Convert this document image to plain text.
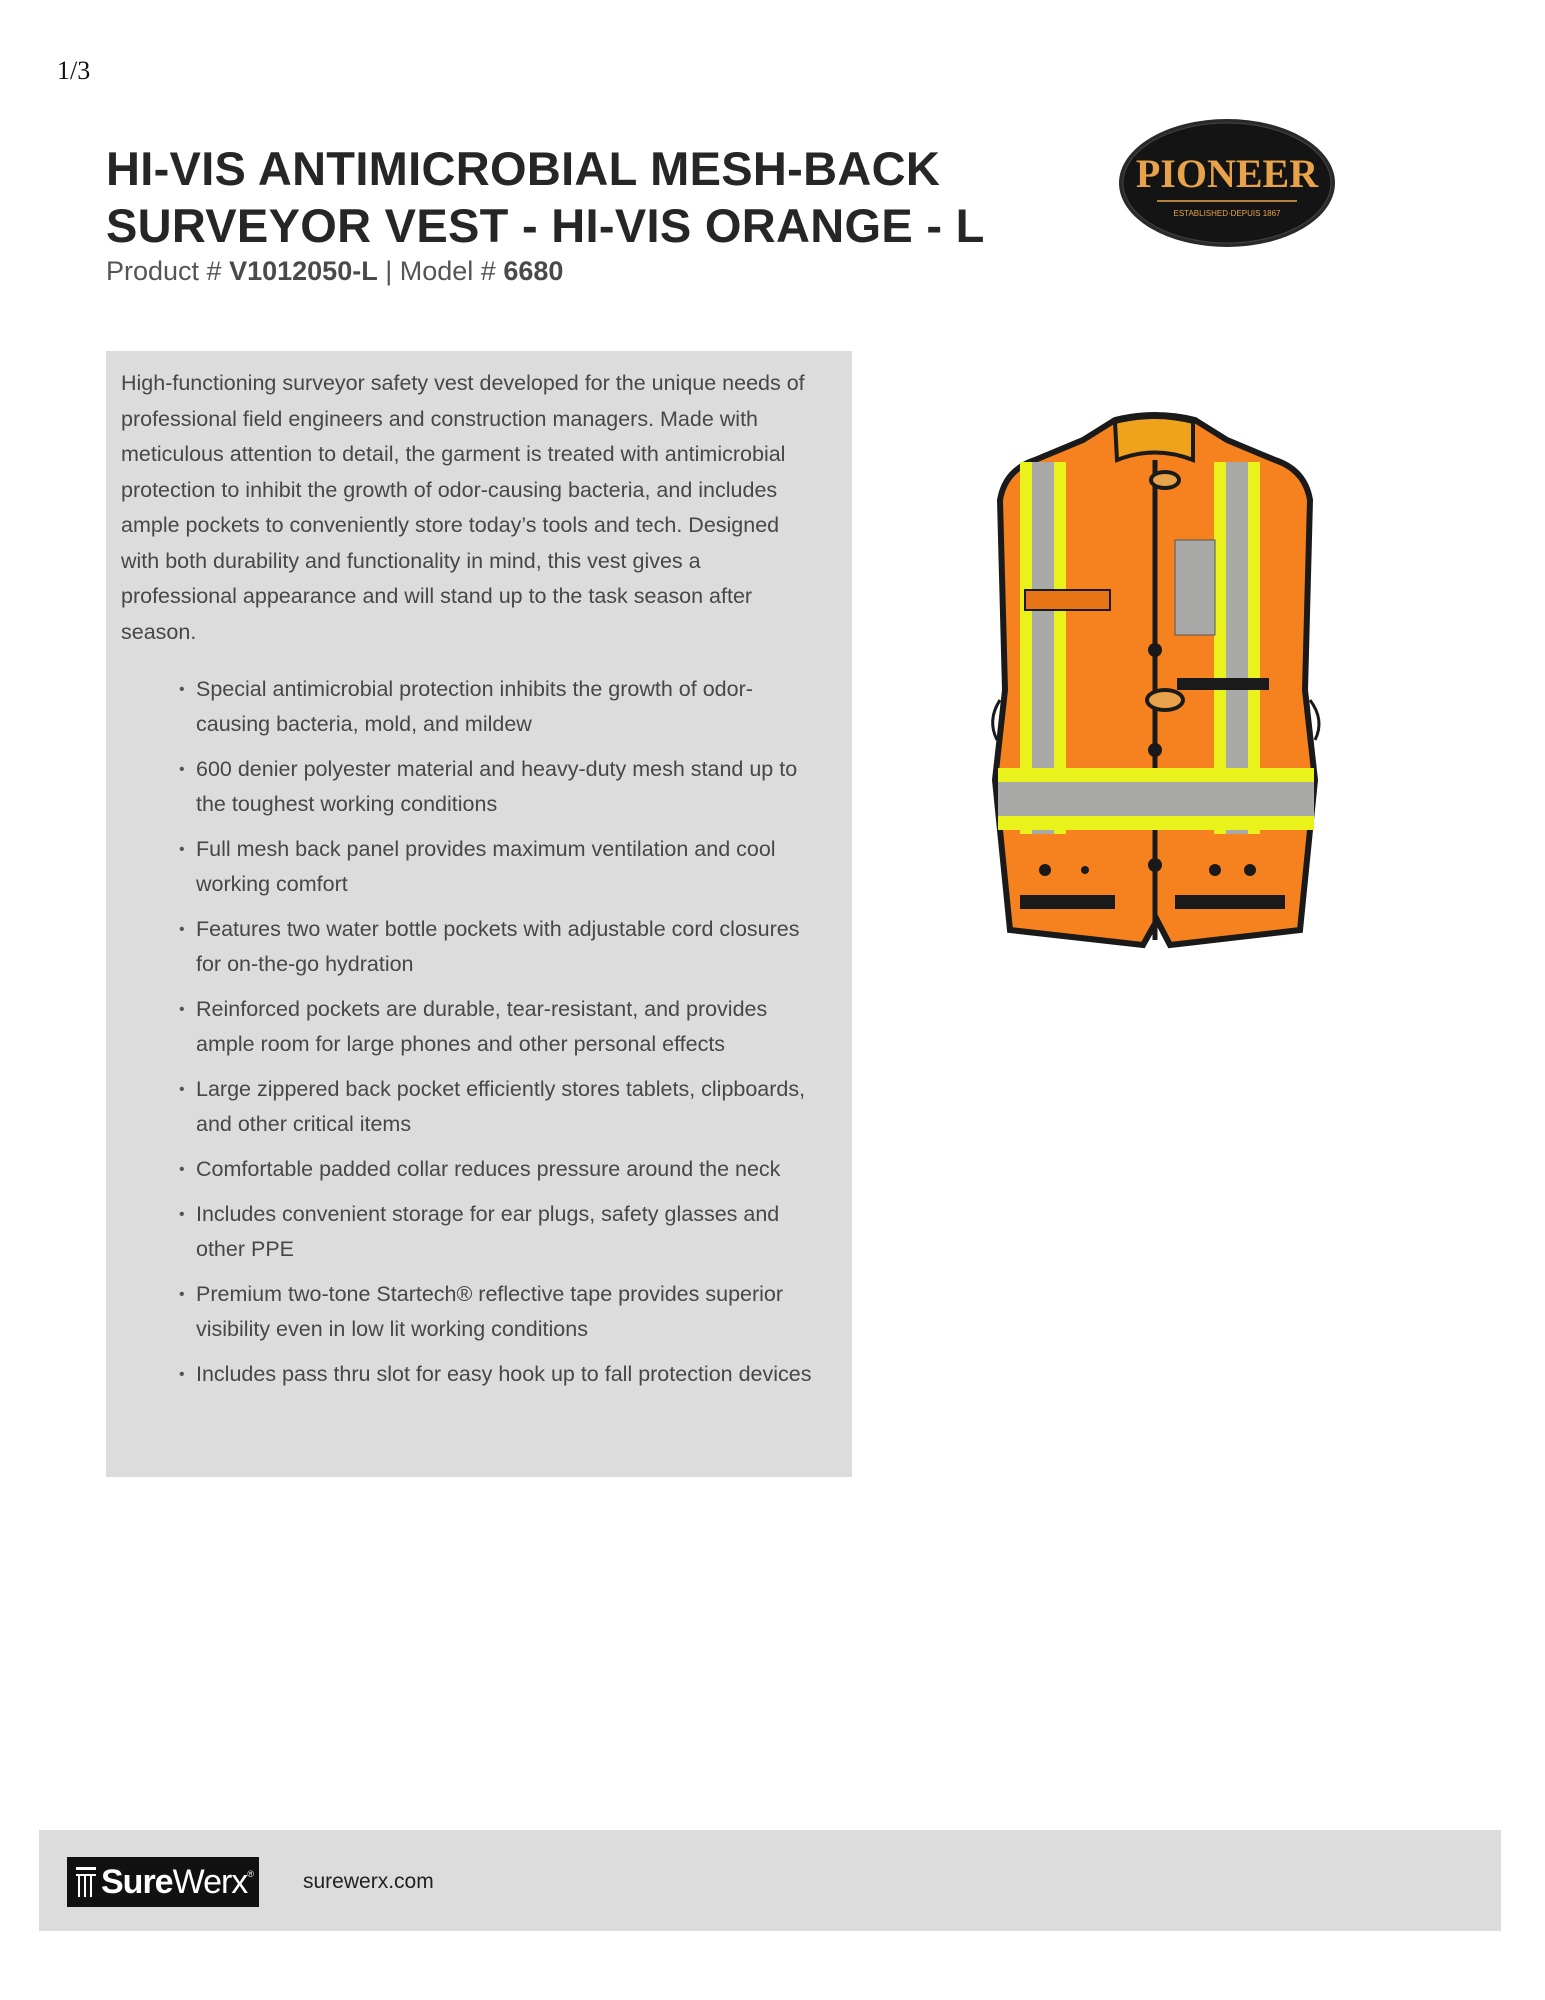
1/3
HI-VIS ANTIMICROBIAL MESH-BACK
SURVEYOR VEST - HI-VIS ORANGE - L
Product # V1012050-L | Model # 6680
PIONEER
ESTABLISHED·DEPUIS 1867

High-functioning surveyor safety vest developed for the unique needs of professional field engineers and construction managers. Made with meticulous attention to detail, the garment is treated with antimicrobial protection to inhibit the growth of odor-causing bacteria, and includes ample pockets to conveniently store today’s tools and tech. Designed with both durability and functionality in mind, this vest gives a professional appearance and will stand up to the task season after season.

• Special antimicrobial protection inhibits the growth of odor-causing bacteria, mold, and mildew
• 600 denier polyester material and heavy-duty mesh stand up to the toughest working conditions
• Full mesh back panel provides maximum ventilation and cool working comfort
• Features two water bottle pockets with adjustable cord closures for on-the-go hydration
• Reinforced pockets are durable, tear-resistant, and provides ample room for large phones and other personal effects
• Large zippered back pocket efficiently stores tablets, clipboards, and other critical items
• Comfortable padded collar reduces pressure around the neck
• Includes convenient storage for ear plugs, safety glasses and other PPE
• Premium two-tone Startech® reflective tape provides superior visibility even in low lit working conditions
• Includes pass thru slot for easy hook up to fall protection devices
SureWerx ® surewerx.com
